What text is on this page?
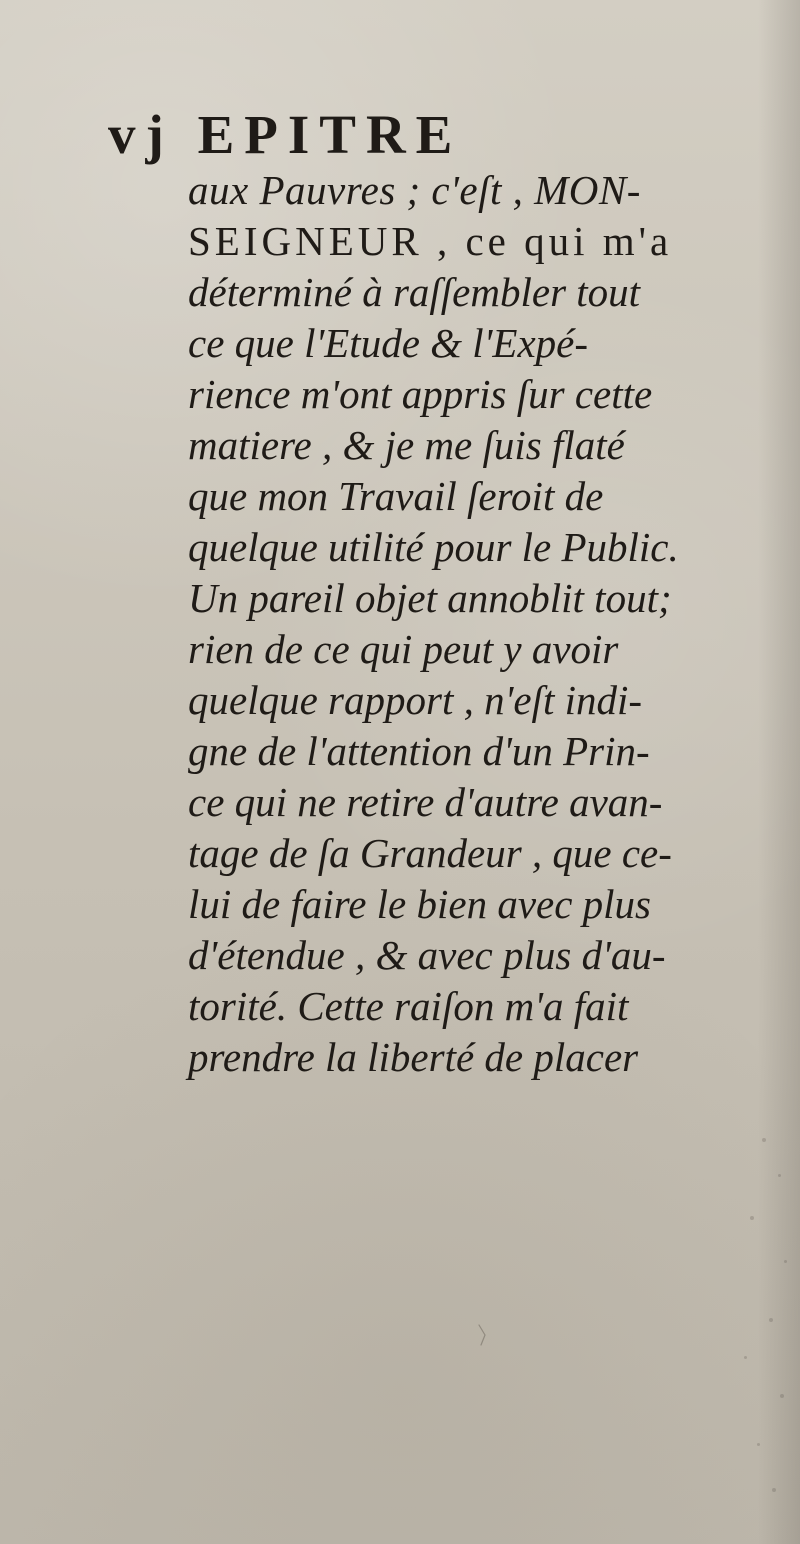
vj EPITRE
aux Pauvres ; c'eſt , MON-
SEIGNEUR , ce qui m'a
déterminé à raſſembler tout
ce que l'Etude & l'Expé-
rience m'ont appris ſur cette
matiere , & je me ſuis flaté
que mon Travail ſeroit de
quelque utilité pour le Public.
Un pareil objet annoblit tout;
rien de ce qui peut y avoir
quelque rapport , n'eſt indi-
gne de l'attention d'un Prin-
ce qui ne retire d'autre avan-
tage de ſa Grandeur , que ce-
lui de faire le bien avec plus
d'étendue , & avec plus d'au-
torité. Cette raiſon m'a fait
prendre la liberté de placer
